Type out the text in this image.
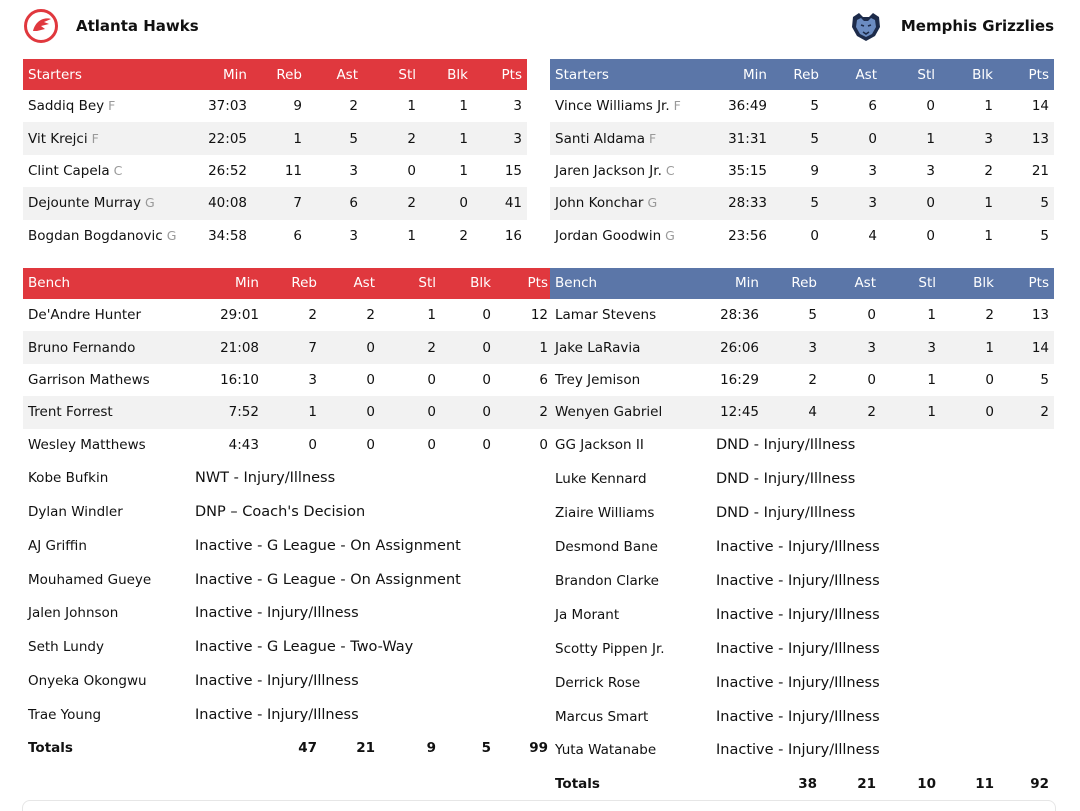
Atlanta Hawks	Memphis Grizzlies
Starters	Min	Reb	Ast	Stl	Blk	Pts
Saddiq Bey F	37:03	9	2	1	1	3
Vit Krejci F	22:05	1	5	2	1	3
Clint Capela C	26:52	11	3	0	1	15
Dejounte Murray G	40:08	7	6	2	0	41
Bogdan Bogdanovic G	34:58	6	3	1	2	16
Bench	Min	Reb	Ast	Stl	Blk	Pts
De'Andre Hunter	29:01	2	2	1	0	12
Bruno Fernando	21:08	7	0	2	0	1
Garrison Mathews	16:10	3	0	0	0	6
Trent Forrest	7:52	1	0	0	0	2
Wesley Matthews	4:43	0	0	0	0	0
Kobe Bufkin	NWT - Injury/Illness					
Dylan Windler	DNP – Coach's Decision					
AJ Griffin	Inactive - G League - On Assignment					
Mouhamed Gueye	Inactive - G League - On Assignment					
Jalen Johnson	Inactive - Injury/Illness					
Seth Lundy	Inactive - G League - Two-Way					
Onyeka Okongwu	Inactive - Injury/Illness					
Trae Young	Inactive - Injury/Illness					
Totals		47	21	9	5	99
Starters	Min	Reb	Ast	Stl	Blk	Pts
Vince Williams Jr. F	36:49	5	6	0	1	14
Santi Aldama F	31:31	5	0	1	3	13
Jaren Jackson Jr. C	35:15	9	3	3	2	21
John Konchar G	28:33	5	3	0	1	5
Jordan Goodwin G	23:56	0	4	0	1	5
Bench	Min	Reb	Ast	Stl	Blk	Pts
Lamar Stevens	28:36	5	0	1	2	13
Jake LaRavia	26:06	3	3	3	1	14
Trey Jemison	16:29	2	0	1	0	5
Wenyen Gabriel	12:45	4	2	1	0	2
GG Jackson II	DND - Injury/Illness					
Luke Kennard	DND - Injury/Illness					
Ziaire Williams	DND - Injury/Illness					
Desmond Bane	Inactive - Injury/Illness					
Brandon Clarke	Inactive - Injury/Illness					
Ja Morant	Inactive - Injury/Illness					
Scotty Pippen Jr.	Inactive - Injury/Illness					
Derrick Rose	Inactive - Injury/Illness					
Marcus Smart	Inactive - Injury/Illness					
Yuta Watanabe	Inactive - Injury/Illness					
Totals		38	21	10	11	92
